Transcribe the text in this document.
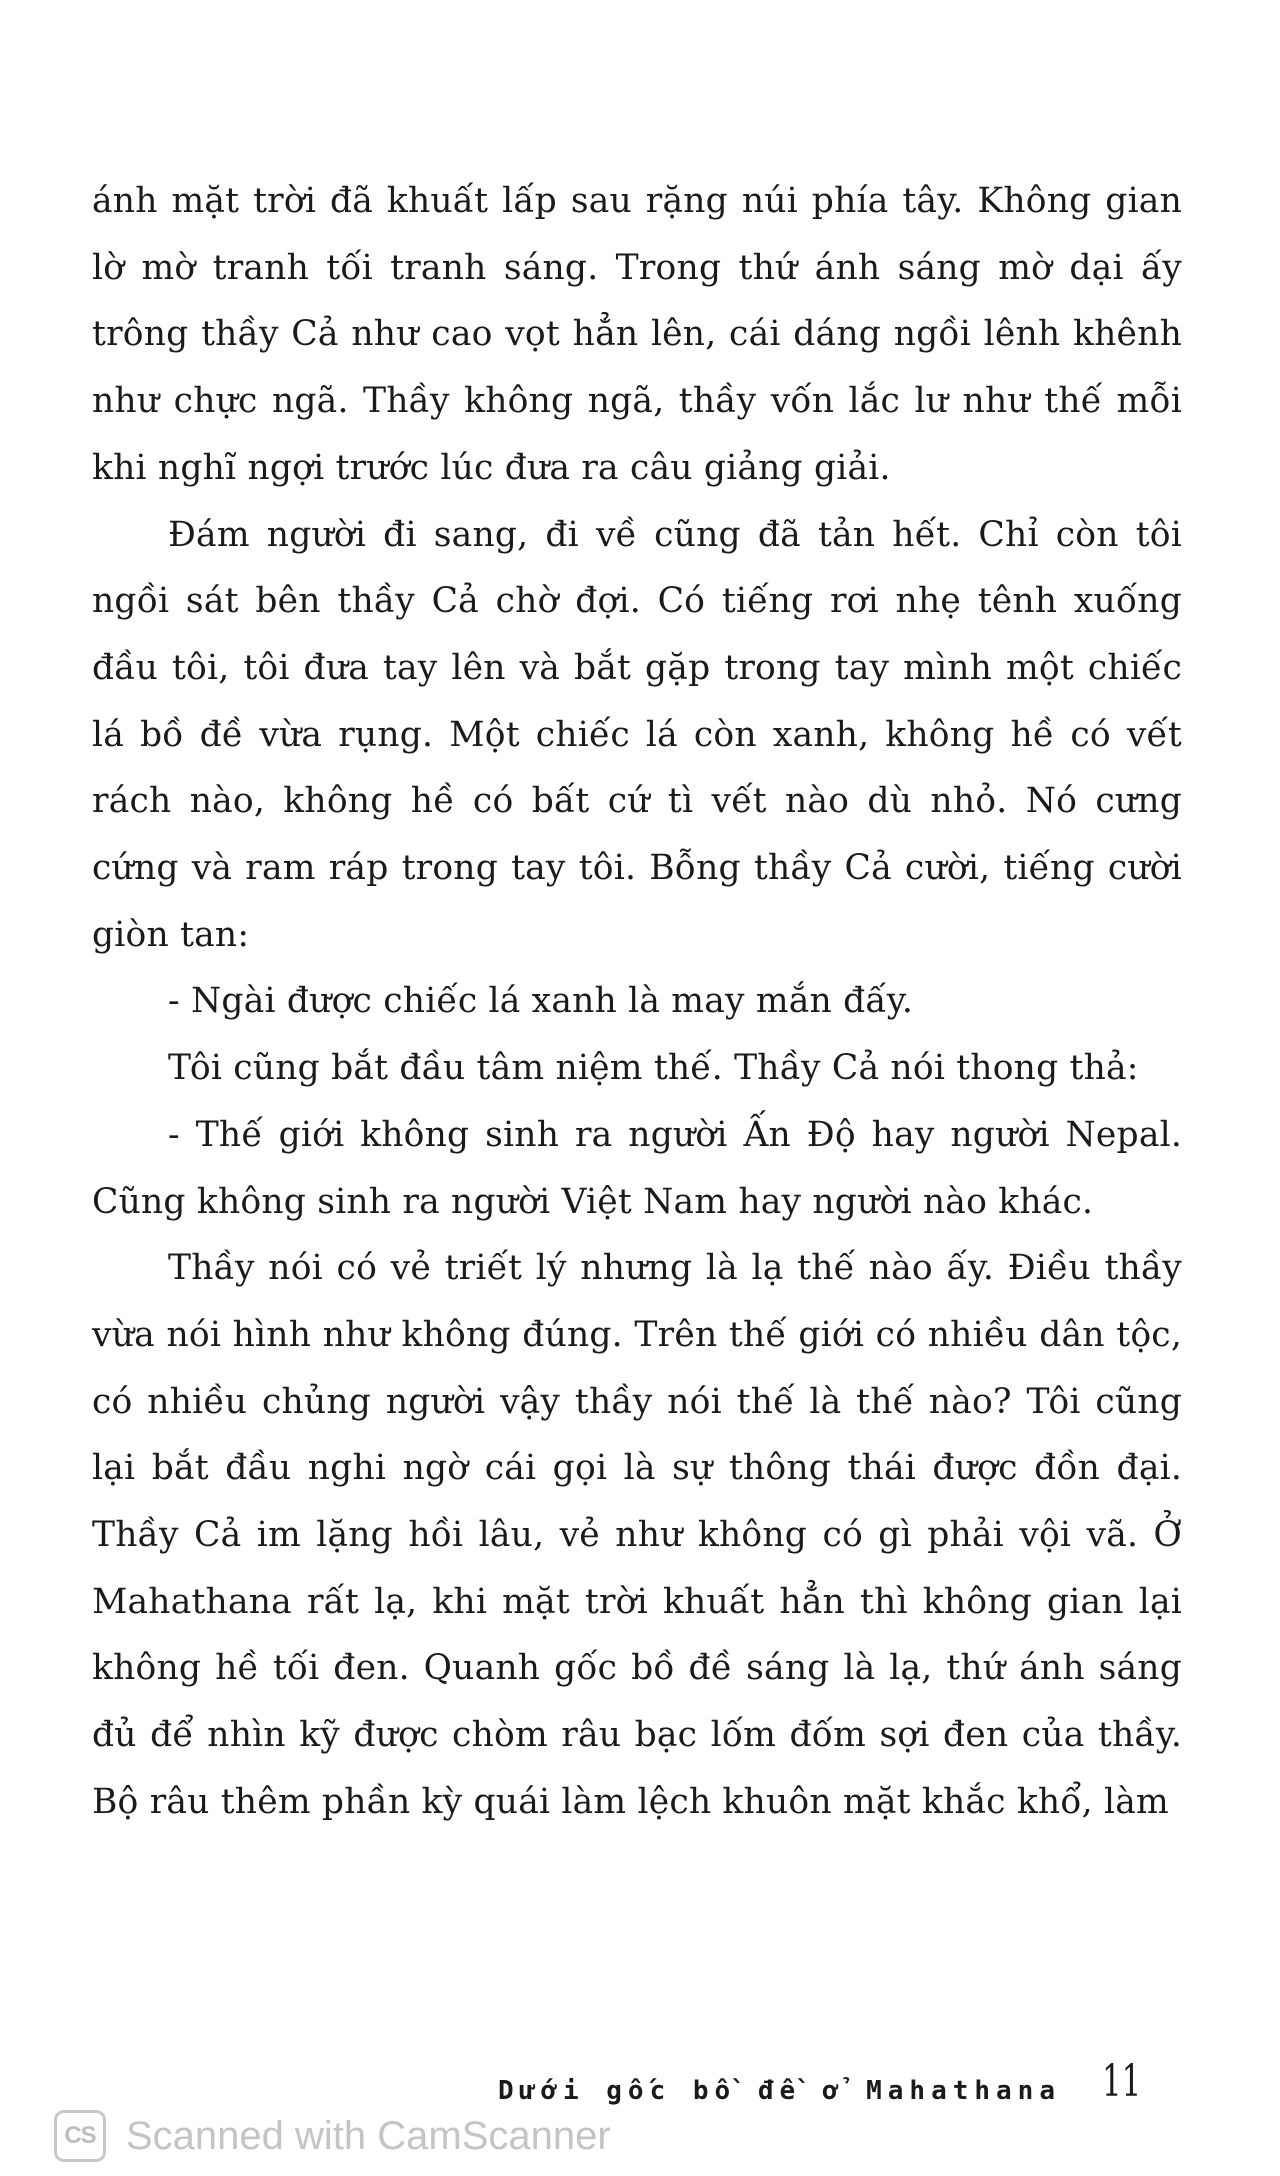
ánh mặt trời đã khuất lấp sau rặng núi phía tây. Không gian lờ mờ tranh tối tranh sáng. Trong thứ ánh sáng mờ dại ấy trông thầy Cả như cao vọt hẳn lên, cái dáng ngồi lênh khênh như chực ngã. Thầy không ngã, thầy vốn lắc lư như thế mỗi khi nghĩ ngợi trước lúc đưa ra câu giảng giải.

Đám người đi sang, đi về cũng đã tản hết. Chỉ còn tôi ngồi sát bên thầy Cả chờ đợi. Có tiếng rơi nhẹ tênh xuống đầu tôi, tôi đưa tay lên và bắt gặp trong tay mình một chiếc lá bồ đề vừa rụng. Một chiếc lá còn xanh, không hề có vết rách nào, không hề có bất cứ tì vết nào dù nhỏ. Nó cưng cứng và ram ráp trong tay tôi. Bỗng thầy Cả cười, tiếng cười giòn tan:

- Ngài được chiếc lá xanh là may mắn đấy.

Tôi cũng bắt đầu tâm niệm thế. Thầy Cả nói thong thả:

- Thế giới không sinh ra người Ấn Độ hay người Nepal. Cũng không sinh ra người Việt Nam hay người nào khác.

Thầy nói có vẻ triết lý nhưng là lạ thế nào ấy. Điều thầy vừa nói hình như không đúng. Trên thế giới có nhiều dân tộc, có nhiều chủng người vậy thầy nói thế là thế nào? Tôi cũng lại bắt đầu nghi ngờ cái gọi là sự thông thái được đồn đại. Thầy Cả im lặng hồi lâu, vẻ như không có gì phải vội vã. Ở Mahathana rất lạ, khi mặt trời khuất hẳn thì không gian lại không hề tối đen. Quanh gốc bồ đề sáng là lạ, thứ ánh sáng đủ để nhìn kỹ được chòm râu bạc lốm đốm sợi đen của thầy. Bộ râu thêm phần kỳ quái làm lệch khuôn mặt khắc khổ, làm

Dưới gốc bồ đề ở Mahathana 11
CS Scanned with CamScanner
